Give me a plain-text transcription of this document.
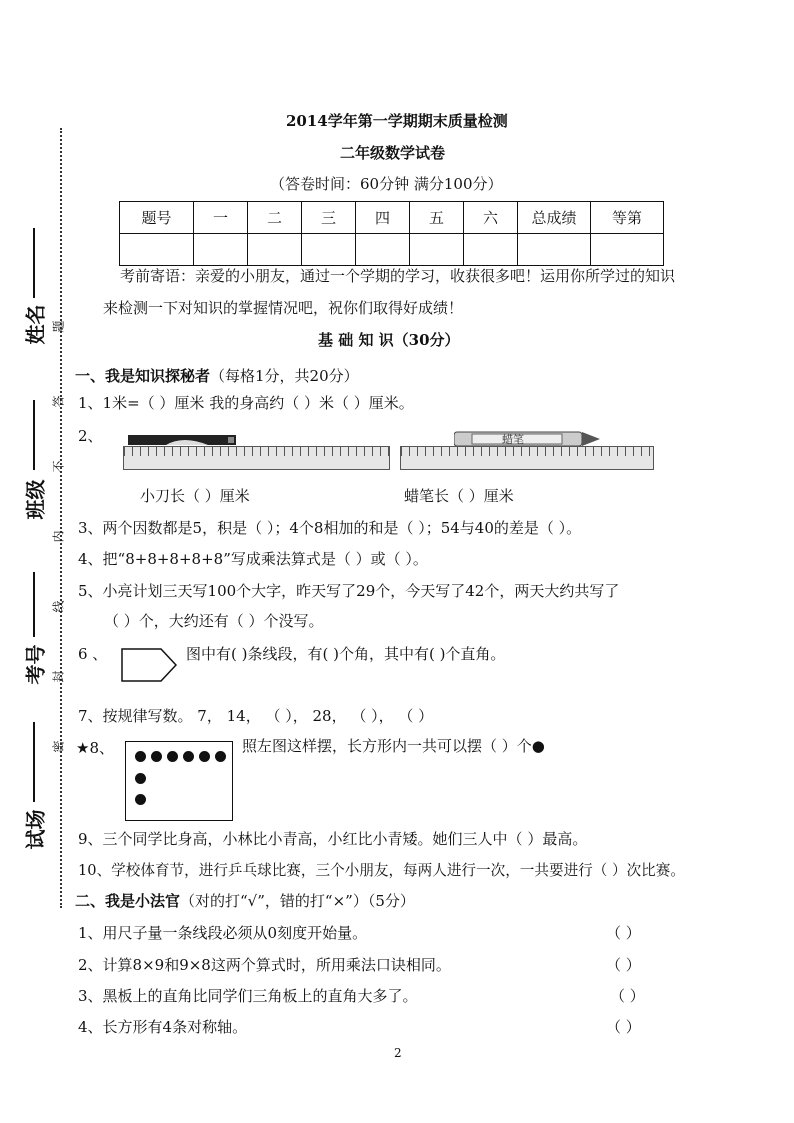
姓名
班级
考号
试场
题
答
不
内
线
封
密
2014学年第一学期期末质量检测
二年级数学试卷
（答卷时间：60分钟 满分100分）
题号	一	二	三	四	五	六	总成绩	等第

考前寄语：亲爱的小朋友，通过一个学期的学习，收获很多吧！运用你所学过的知识
来检测一下对知识的掌握情况吧，祝你们取得好成绩！
基 础 知 识（30分）
一、我是知识探秘者（每格1分，共20分）
1、1米=（ ）厘米 我的身高约（ ）米（ ）厘米。
2、	蜡笔
小刀长（ ）厘米	蜡笔长（ ）厘米
3、两个因数都是5，积是（ ）；4个8相加的和是（ ）；54与40的差是（ ）。
4、把“8+8+8+8+8”写成乘法算式是（ ）或（ ）。
5、小亮计划三天写100个大字，昨天写了29个，今天写了42个，两天大约共写了
（ ）个，大约还有（ ）个没写。
6 、	图中有( )条线段，有( )个角，其中有( )个直角。
7、按规律写数。 7， 14， （ ）， 28， （ ）， （ ）
★8、	照左图这样摆，长方形内一共可以摆（ ）个●
9、三个同学比身高，小林比小青高，小红比小青矮。她们三人中（ ）最高。
10、学校体育节，进行乒乓球比赛，三个小朋友，每两人进行一次，一共要进行（ ）次比赛。
二、我是小法官（对的打“√”，错的打“×”）（5分）
1、用尺子量一条线段必须从0刻度开始量。	（ ）
2、计算8×9和9×8这两个算式时，所用乘法口诀相同。	（ ）
3、黑板上的直角比同学们三角板上的直角大多了。	（ ）
4、长方形有4条对称轴。	（ ）
2
